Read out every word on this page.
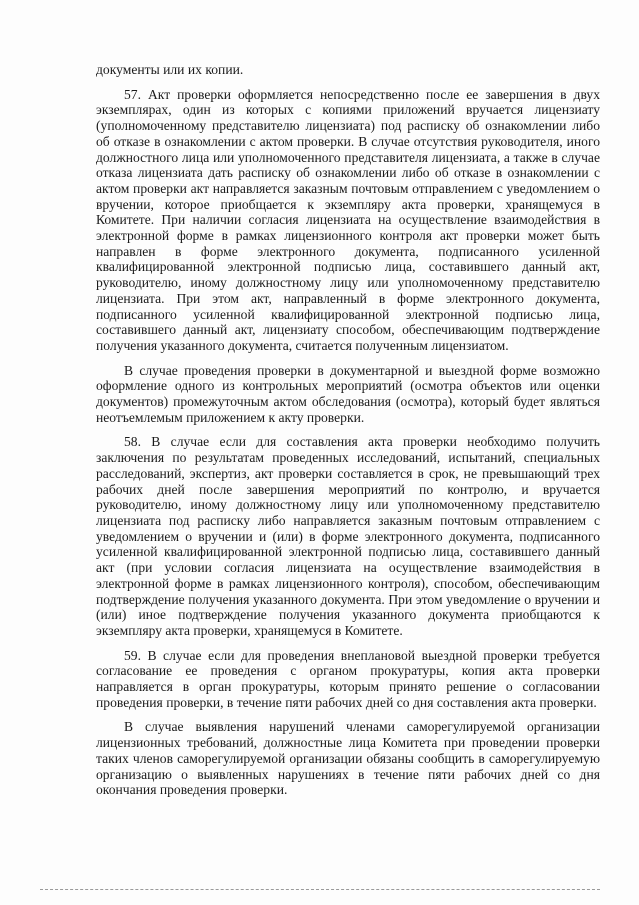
документы или их копии.

57. Акт проверки оформляется непосредственно после ее завершения в двух экземплярах, один из которых с копиями приложений вручается лицензиату (уполномоченному представителю лицензиата) под расписку об ознакомлении либо об отказе в ознакомлении с актом проверки. В случае отсутствия руководителя, иного должностного лица или уполномоченного представителя лицензиата, а также в случае отказа лицензиата дать расписку об ознакомлении либо об отказе в ознакомлении с актом проверки акт направляется заказным почтовым отправлением с уведомлением о вручении, которое приобщается к экземпляру акта проверки, хранящемуся в Комитете. При наличии согласия лицензиата на осуществление взаимодействия в электронной форме в рамках лицензионного контроля акт проверки может быть направлен в форме электронного документа, подписанного усиленной квалифицированной электронной подписью лица, составившего данный акт, руководителю, иному должностному лицу или уполномоченному представителю лицензиата. При этом акт, направленный в форме электронного документа, подписанного усиленной квалифицированной электронной подписью лица, составившего данный акт, лицензиату способом, обеспечивающим подтверждение получения указанного документа, считается полученным лицензиатом.

В случае проведения проверки в документарной и выездной форме возможно оформление одного из контрольных мероприятий (осмотра объектов или оценки документов) промежуточным актом обследования (осмотра), который будет являться неотъемлемым приложением к акту проверки.

58. В случае если для составления акта проверки необходимо получить заключения по результатам проведенных исследований, испытаний, специальных расследований, экспертиз, акт проверки составляется в срок, не превышающий трех рабочих дней после завершения мероприятий по контролю, и вручается руководителю, иному должностному лицу или уполномоченному представителю лицензиата под расписку либо направляется заказным почтовым отправлением с уведомлением о вручении и (или) в форме электронного документа, подписанного усиленной квалифицированной электронной подписью лица, составившего данный акт (при условии согласия лицензиата на осуществление взаимодействия в электронной форме в рамках лицензионного контроля), способом, обеспечивающим подтверждение получения указанного документа. При этом уведомление о вручении и (или) иное подтверждение получения указанного документа приобщаются к экземпляру акта проверки, хранящемуся в Комитете.

59. В случае если для проведения внеплановой выездной проверки требуется согласование ее проведения с органом прокуратуры, копия акта проверки направляется в орган прокуратуры, которым принято решение о согласовании проведения проверки, в течение пяти рабочих дней со дня составления акта проверки.

В случае выявления нарушений членами саморегулируемой организации лицензионных требований, должностные лица Комитета при проведении проверки таких членов саморегулируемой организации обязаны сообщить в саморегулируемую организацию о выявленных нарушениях в течение пяти рабочих дней со дня окончания проведения проверки.
